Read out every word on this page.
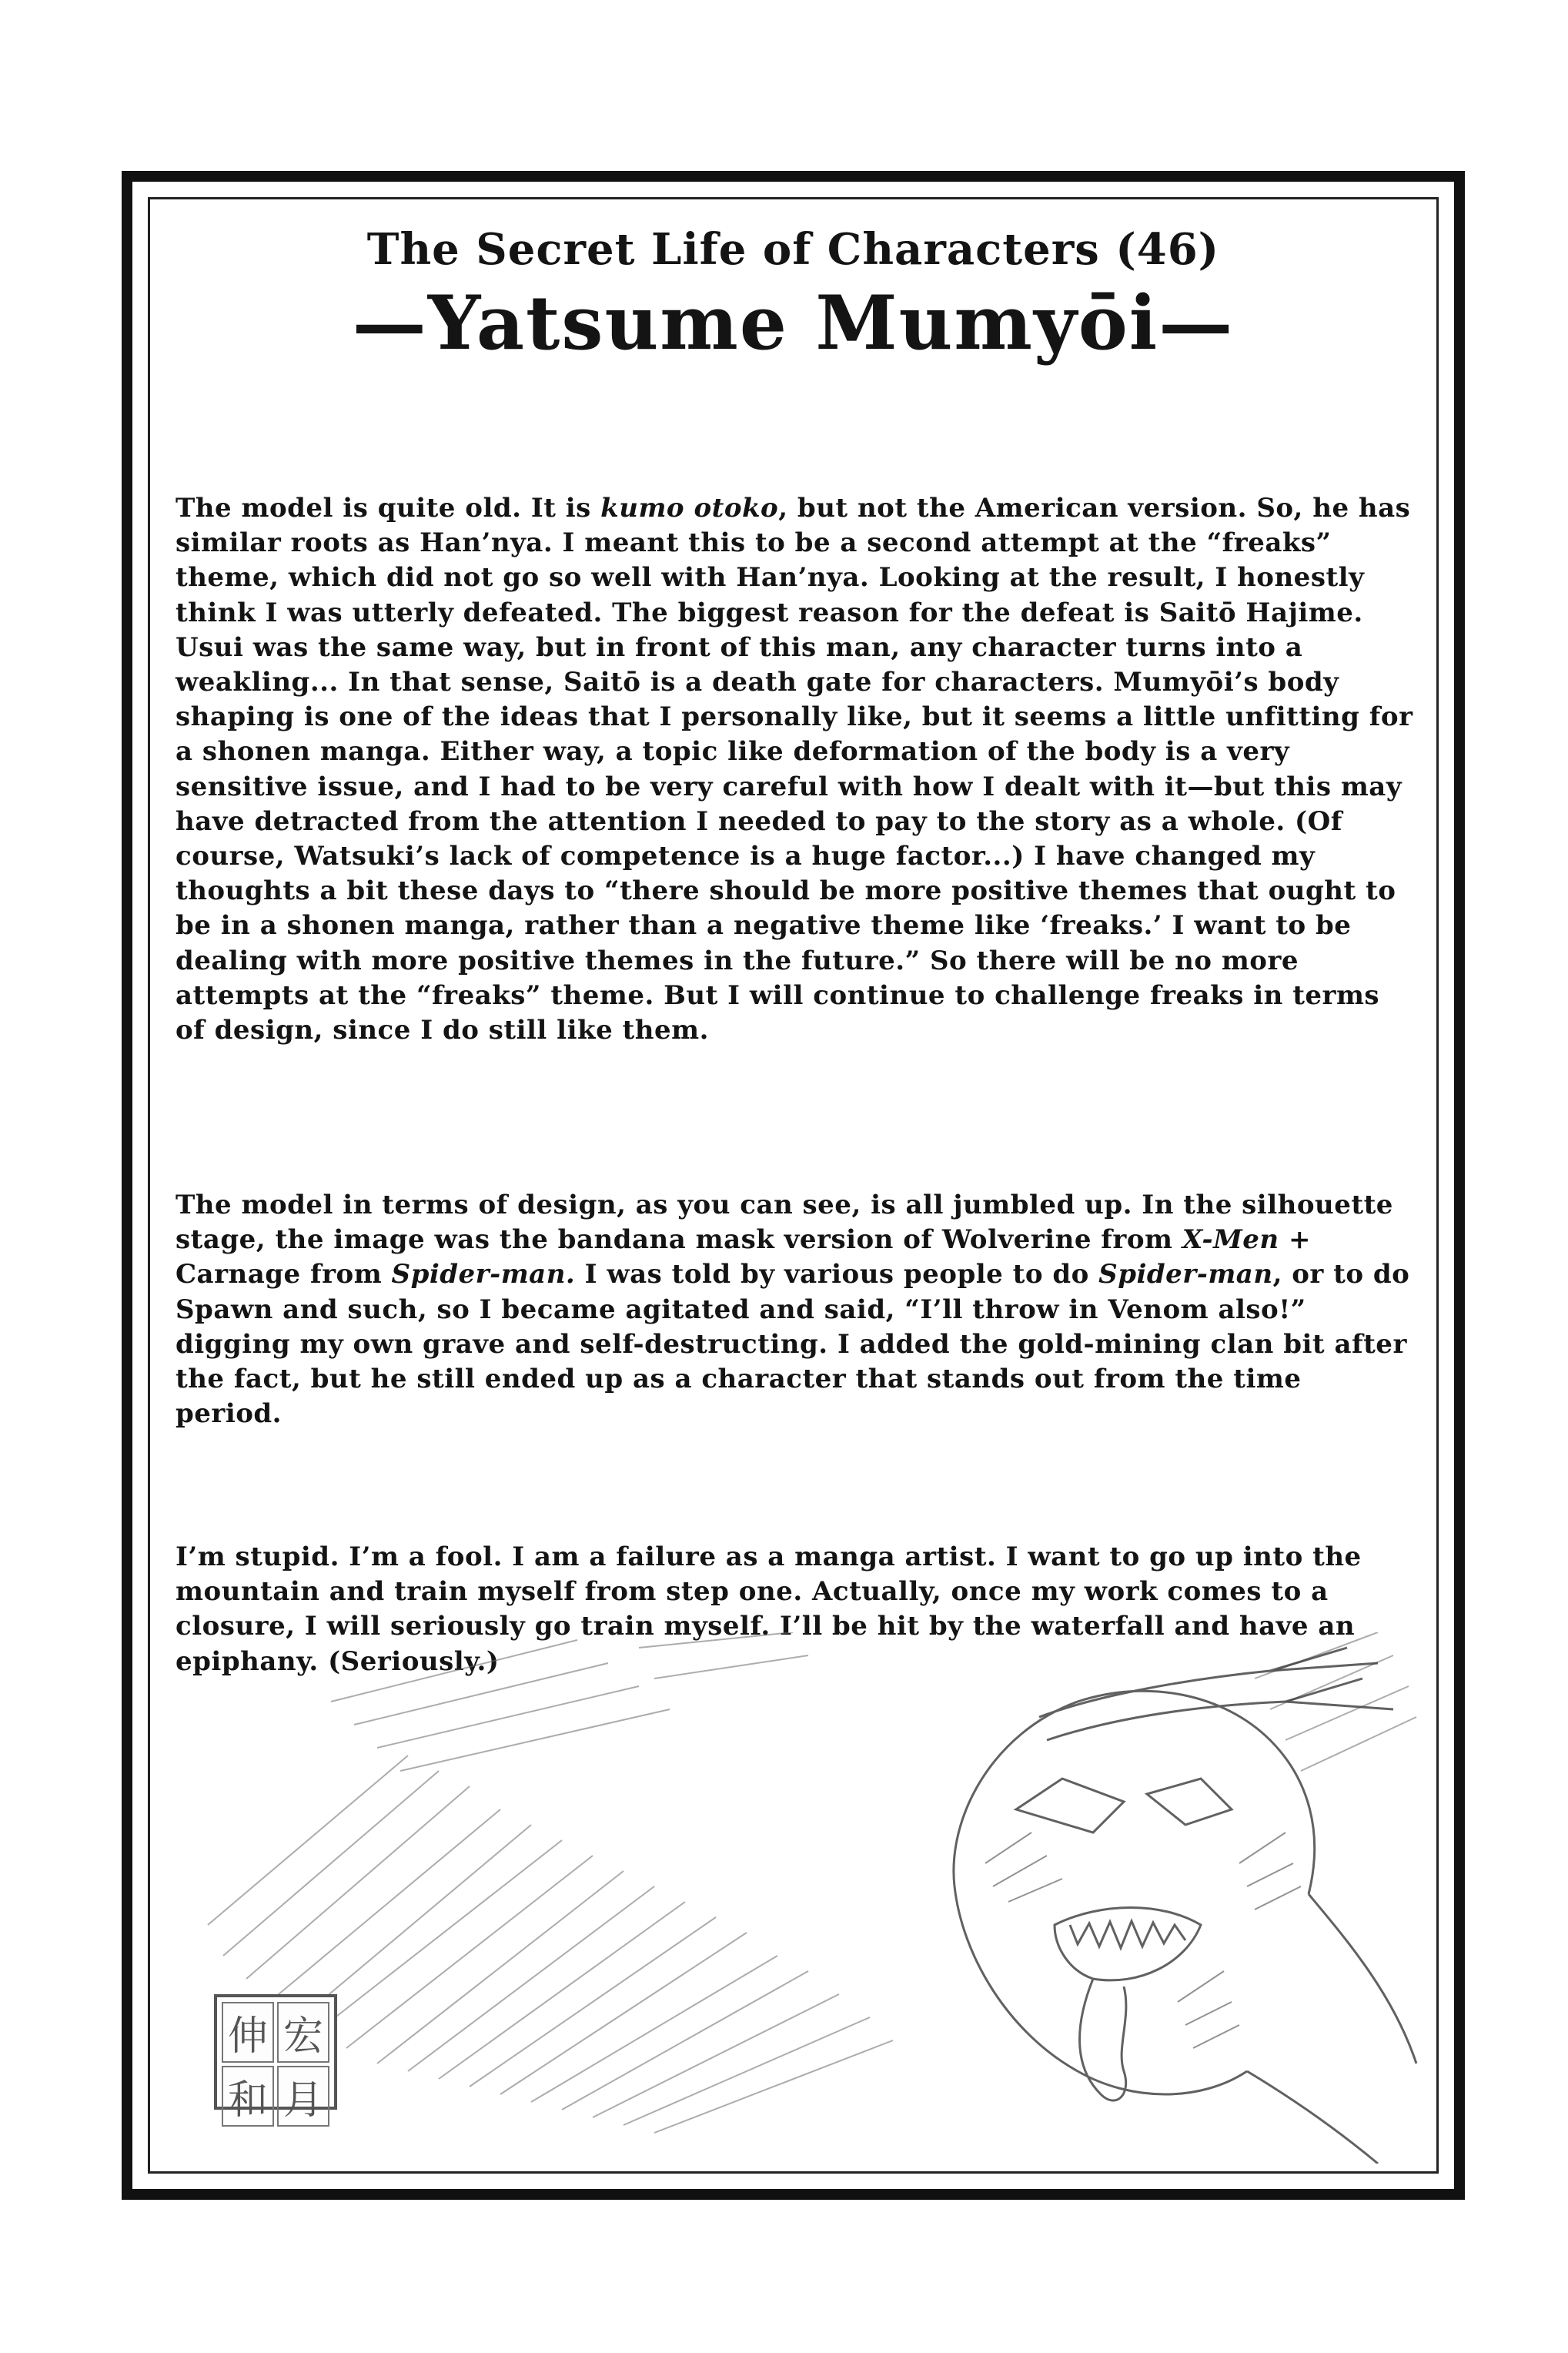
The Secret Life of Characters (46)
—Yatsume Mumyōi—

The model is quite old. It is kumo otoko, but not the American version. So, he has similar roots as Han’nya. I meant this to be a second attempt at the “freaks” theme, which did not go so well with Han’nya. Looking at the result, I honestly think I was utterly defeated. The biggest reason for the defeat is Saitō Hajime. Usui was the same way, but in front of this man, any character turns into a weakling... In that sense, Saitō is a death gate for characters. Mumyōi’s body shaping is one of the ideas that I personally like, but it seems a little unfitting for a shonen manga. Either way, a topic like deformation of the body is a very sensitive issue, and I had to be very careful with how I dealt with it—but this may have detracted from the attention I needed to pay to the story as a whole. (Of course, Watsuki’s lack of competence is a huge factor...) I have changed my thoughts a bit these days to “there should be more positive themes that ought to be in a shonen manga, rather than a negative theme like ‘freaks.’ I want to be dealing with more positive themes in the future.” So there will be no more attempts at the “freaks” theme. But I will continue to challenge freaks in terms of design, since I do still like them.

The model in terms of design, as you can see, is all jumbled up. In the silhouette stage, the image was the bandana mask version of Wolverine from X-Men + Carnage from Spider-man. I was told by various people to do Spider-man, or to do Spawn and such, so I became agitated and said, “I’ll throw in Venom also!” digging my own grave and self-destructing. I added the gold-mining clan bit after the fact, but he still ended up as a character that stands out from the time period.

I’m stupid. I’m a fool. I am a failure as a manga artist. I want to go up into the mountain and train myself from step one. Actually, once my work comes to a closure, I will seriously go train myself. I’ll be hit by the waterfall and have an epiphany. (Seriously.)

伸 宏
和 月
